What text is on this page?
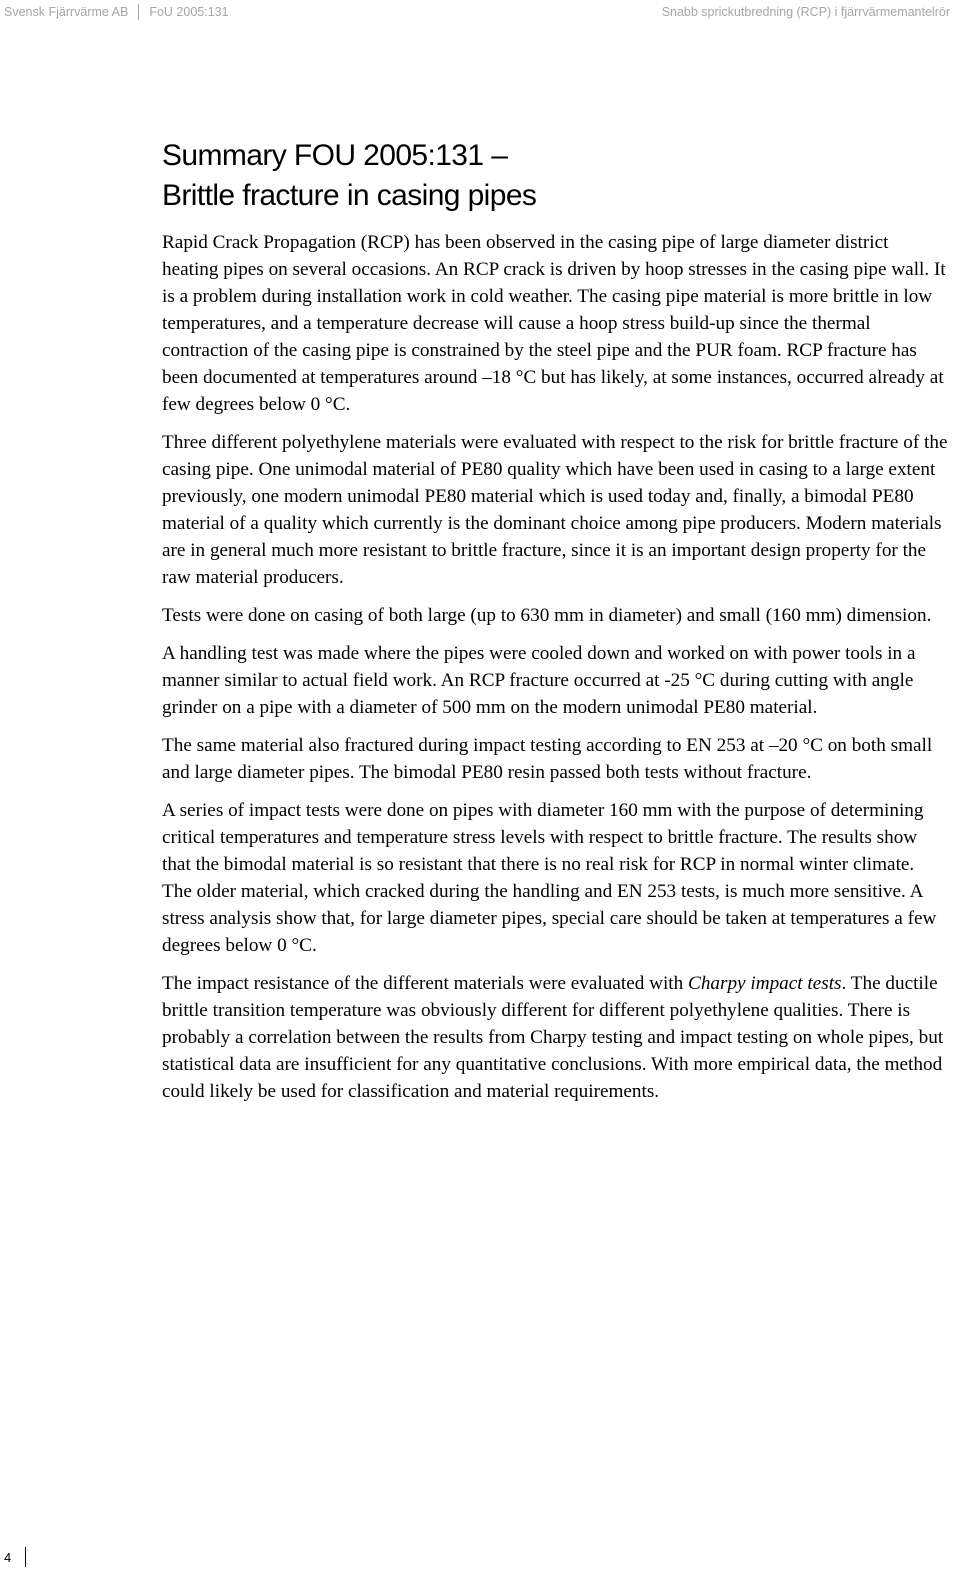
Svensk Fjärrvärme AB FoU 2005:131	Snabb sprickutbredning (RCP) i fjärrvärmemantelrör
Summary FOU 2005:131 –
Brittle fracture in casing pipes

Rapid Crack Propagation (RCP) has been observed in the casing pipe of large diameter district heating pipes on several occasions. An RCP crack is driven by hoop stresses in the casing pipe wall. It is a problem during installation work in cold weather. The casing pipe material is more brittle in low temperatures, and a temperature decrease will cause a hoop stress build-up since the thermal contraction of the casing pipe is constrained by the steel pipe and the PUR foam. RCP fracture has been documented at temperatures around –18 °C but has likely, at some instances, occurred already at few degrees below 0 °C.

Three different polyethylene materials were evaluated with respect to the risk for brittle fracture of the casing pipe. One unimodal material of PE80 quality which have been used in casing to a large extent previously, one modern unimodal PE80 material which is used today and, finally, a bimodal PE80 material of a quality which currently is the dominant choice among pipe producers. Modern materials are in general much more resistant to brittle fracture, since it is an important design property for the raw material producers.

Tests were done on casing of both large (up to 630 mm in diameter) and small (160 mm) dimension.

A handling test was made where the pipes were cooled down and worked on with power tools in a manner similar to actual field work. An RCP fracture occurred at -25 °C during cutting with angle grinder on a pipe with a diameter of 500 mm on the modern unimodal PE80 material.

The same material also fractured during impact testing according to EN 253 at –20 °C on both small and large diameter pipes. The bimodal PE80 resin passed both tests without fracture.

A series of impact tests were done on pipes with diameter 160 mm with the purpose of determining critical temperatures and temperature stress levels with respect to brittle fracture. The results show that the bimodal material is so resistant that there is no real risk for RCP in normal winter climate. The older material, which cracked during the handling and EN 253 tests, is much more sensitive. A stress analysis show that, for large diameter pipes, special care should be taken at temperatures a few degrees below 0 °C.

The impact resistance of the different materials were evaluated with Charpy impact tests. The ductile brittle transition temperature was obviously different for different polyethylene qualities. There is probably a correlation between the results from Charpy testing and impact testing on whole pipes, but statistical data are insufficient for any quantitative conclusions. With more empirical data, the method could likely be used for classification and material requirements.

4
